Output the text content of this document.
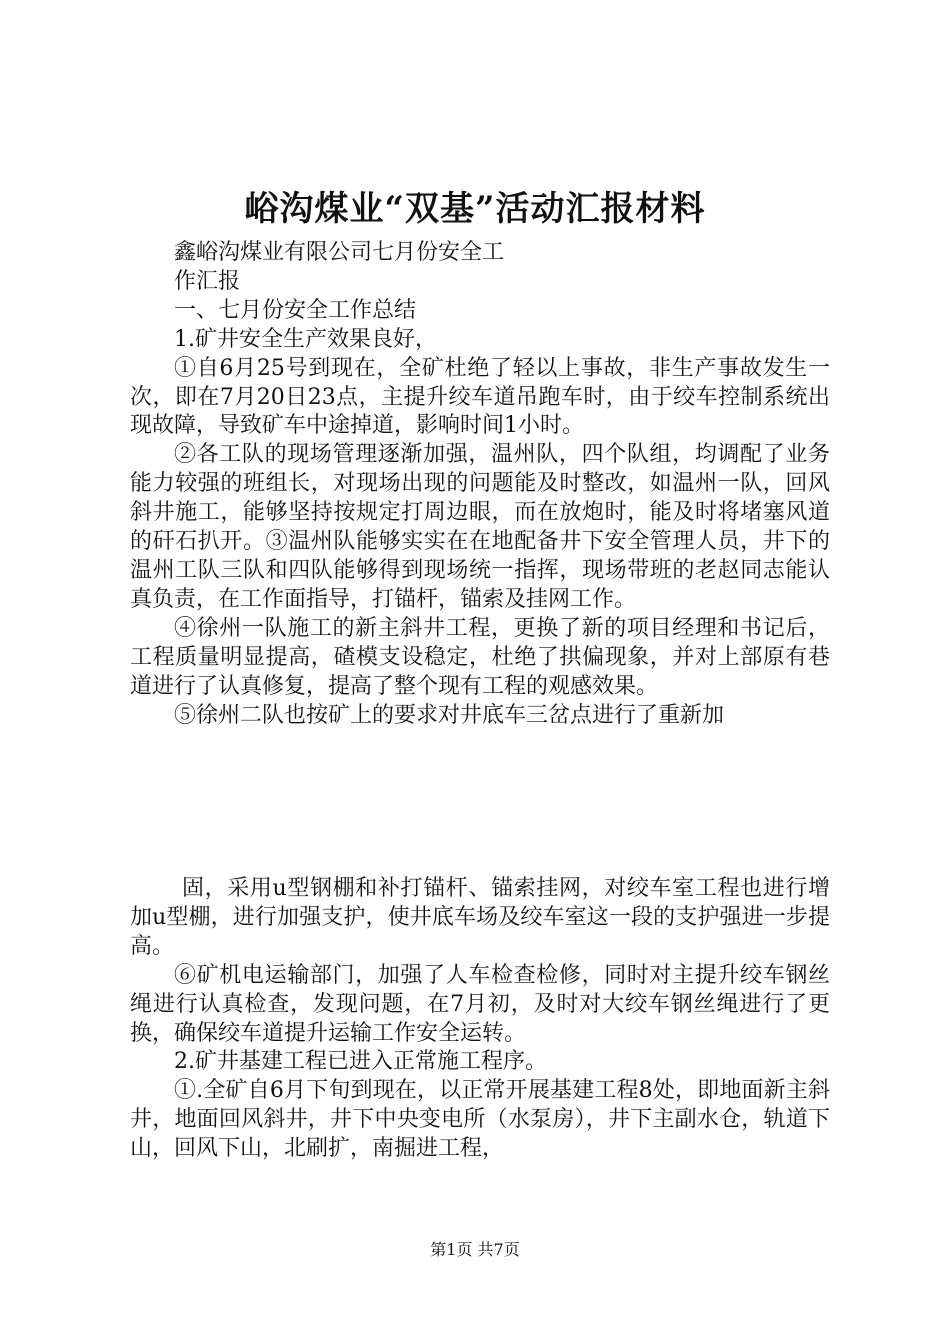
峪沟煤业“双基”活动汇报材料

鑫峪沟煤业有限公司七月份安全工

作汇报

一、七月份安全工作总结

1.矿井安全生产效果良好，

①自6月25号到现在，全矿杜绝了轻以上事故，非生产事故发生一次，即在7月20日23点，主提升绞车道吊跑车时，由于绞车控制系统出现故障，导致矿车中途掉道，影响时间1小时。

②各工队的现场管理逐渐加强，温州队，四个队组，均调配了业务能力较强的班组长，对现场出现的问题能及时整改，如温州一队，回风斜井施工，能够坚持按规定打周边眼，而在放炮时，能及时将堵塞风道的矸石扒开。③温州队能够实实在在地配备井下安全管理人员，井下的温州工队三队和四队能够得到现场统一指挥，现场带班的老赵同志能认真负责，在工作面指导，打锚杆，锚索及挂网工作。

④徐州一队施工的新主斜井工程，更换了新的项目经理和书记后，工程质量明显提高，碴模支设稳定，杜绝了拱偏现象，并对上部原有巷道进行了认真修复，提高了整个现有工程的观感效果。

⑤徐州二队也按矿上的要求对井底车三岔点进行了重新加

固，采用u型钢棚和补打锚杆、锚索挂网，对绞车室工程也进行增加u型棚，进行加强支护，使井底车场及绞车室这一段的支护强进一步提高。

⑥矿机电运输部门，加强了人车检查检修，同时对主提升绞车钢丝绳进行认真检查，发现问题，在7月初，及时对大绞车钢丝绳进行了更换，确保绞车道提升运输工作安全运转。

2.矿井基建工程已进入正常施工程序。

①.全矿自6月下旬到现在，以正常开展基建工程8处，即地面新主斜井，地面回风斜井，井下中央变电所（水泵房），井下主副水仓，轨道下山，回风下山，北刷扩，南掘进工程，

第1页 共7页
